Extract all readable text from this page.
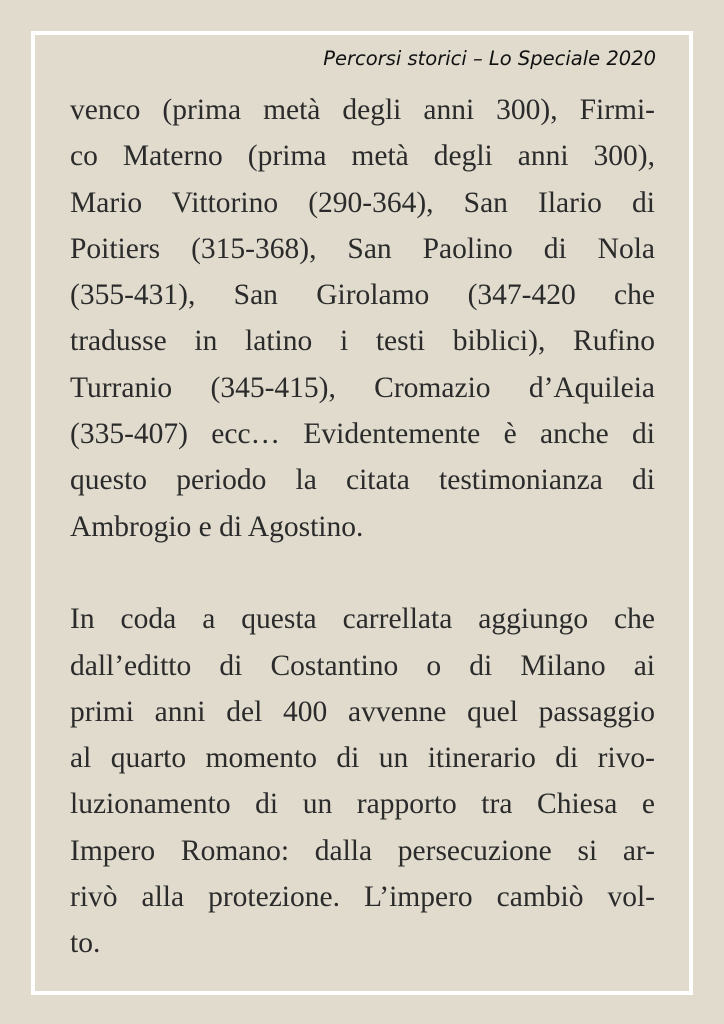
Percorsi storici – Lo Speciale 2020
venco (prima metà degli anni 300), Firmi-
co Materno (prima metà degli anni 300),
Mario Vittorino (290-364), San Ilario di
Poitiers (315-368), San Paolino di Nola
(355-431), San Girolamo (347-420 che
tradusse in latino i testi biblici), Rufino
Turranio (345-415), Cromazio d’Aquileia
(335-407) ecc… Evidentemente è anche di
questo periodo la citata testimonianza di
Ambrogio e di Agostino.
In coda a questa carrellata aggiungo che
dall’editto di Costantino o di Milano ai
primi anni del 400 avvenne quel passaggio
al quarto momento di un itinerario di rivo-
luzionamento di un rapporto tra Chiesa e
Impero Romano: dalla persecuzione si ar-
rivò alla protezione. L’impero cambiò vol-
to.
